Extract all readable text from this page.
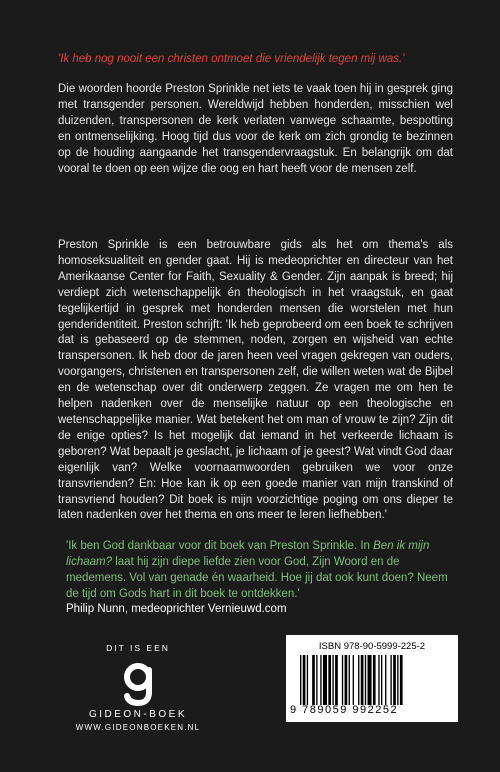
'Ik heb nog nooit een christen ontmoet die vriendelijk tegen mij was.'
Die woorden hoorde Preston Sprinkle net iets te vaak toen hij in gesprek ging met transgender personen. Wereldwijd hebben honderden, misschien wel duizenden, transpersonen de kerk verlaten vanwege schaamte, bespotting en ontmenselijking. Hoog tijd dus voor de kerk om zich grondig te bezinnen op de houding aangaande het transgendervraagstuk. En belangrijk om dat vooral te doen op een wijze die oog en hart heeft voor de mensen zelf.
Preston Sprinkle is een betrouwbare gids als het om thema's als homoseksualiteit en gender gaat. Hij is medeoprichter en directeur van het Amerikaanse Center for Faith, Sexuality & Gender. Zijn aanpak is breed; hij verdiept zich wetenschappelijk én theologisch in het vraagstuk, en gaat tegelijkertijd in gesprek met honderden mensen die worstelen met hun genderidentiteit. Preston schrijft: 'Ik heb geprobeerd om een boek te schrijven dat is gebaseerd op de stemmen, noden, zorgen en wijsheid van echte transpersonen. Ik heb door de jaren heen veel vragen gekregen van ouders, voorgangers, christenen en transpersonen zelf, die willen weten wat de Bijbel en de wetenschap over dit onderwerp zeggen. Ze vragen me om hen te helpen nadenken over de menselijke natuur op een theologische en wetenschappelijke manier. Wat betekent het om man of vrouw te zijn? Zijn dit de enige opties? Is het mogelijk dat iemand in het verkeerde lichaam is geboren? Wat bepaalt je geslacht, je lichaam of je geest? Wat vindt God daar eigenlijk van? Welke voornaamwoorden gebruiken we voor onze transvrienden? En: Hoe kan ik op een goede manier van mijn transkind of transvriend houden? Dit boek is mijn voorzichtige poging om ons dieper te laten nadenken over het thema en ons meer te leren liefhebben.'
'Ik ben God dankbaar voor dit boek van Preston Sprinkle. In Ben ik mijn lichaam? laat hij zijn diepe liefde zien voor God, Zijn Woord en de medemens. Vol van genade én waarheid. Hoe jij dat ook kunt doen? Neem de tijd om Gods hart in dit boek te ontdekken.'
Philip Nunn, medeoprichter Vernieuwd.com
DIT IS EEN
GIDEON-BOEK
WWW.GIDEONBOEKEN.NL
ISBN 978-90-5999-225-2
9 789059 992252
